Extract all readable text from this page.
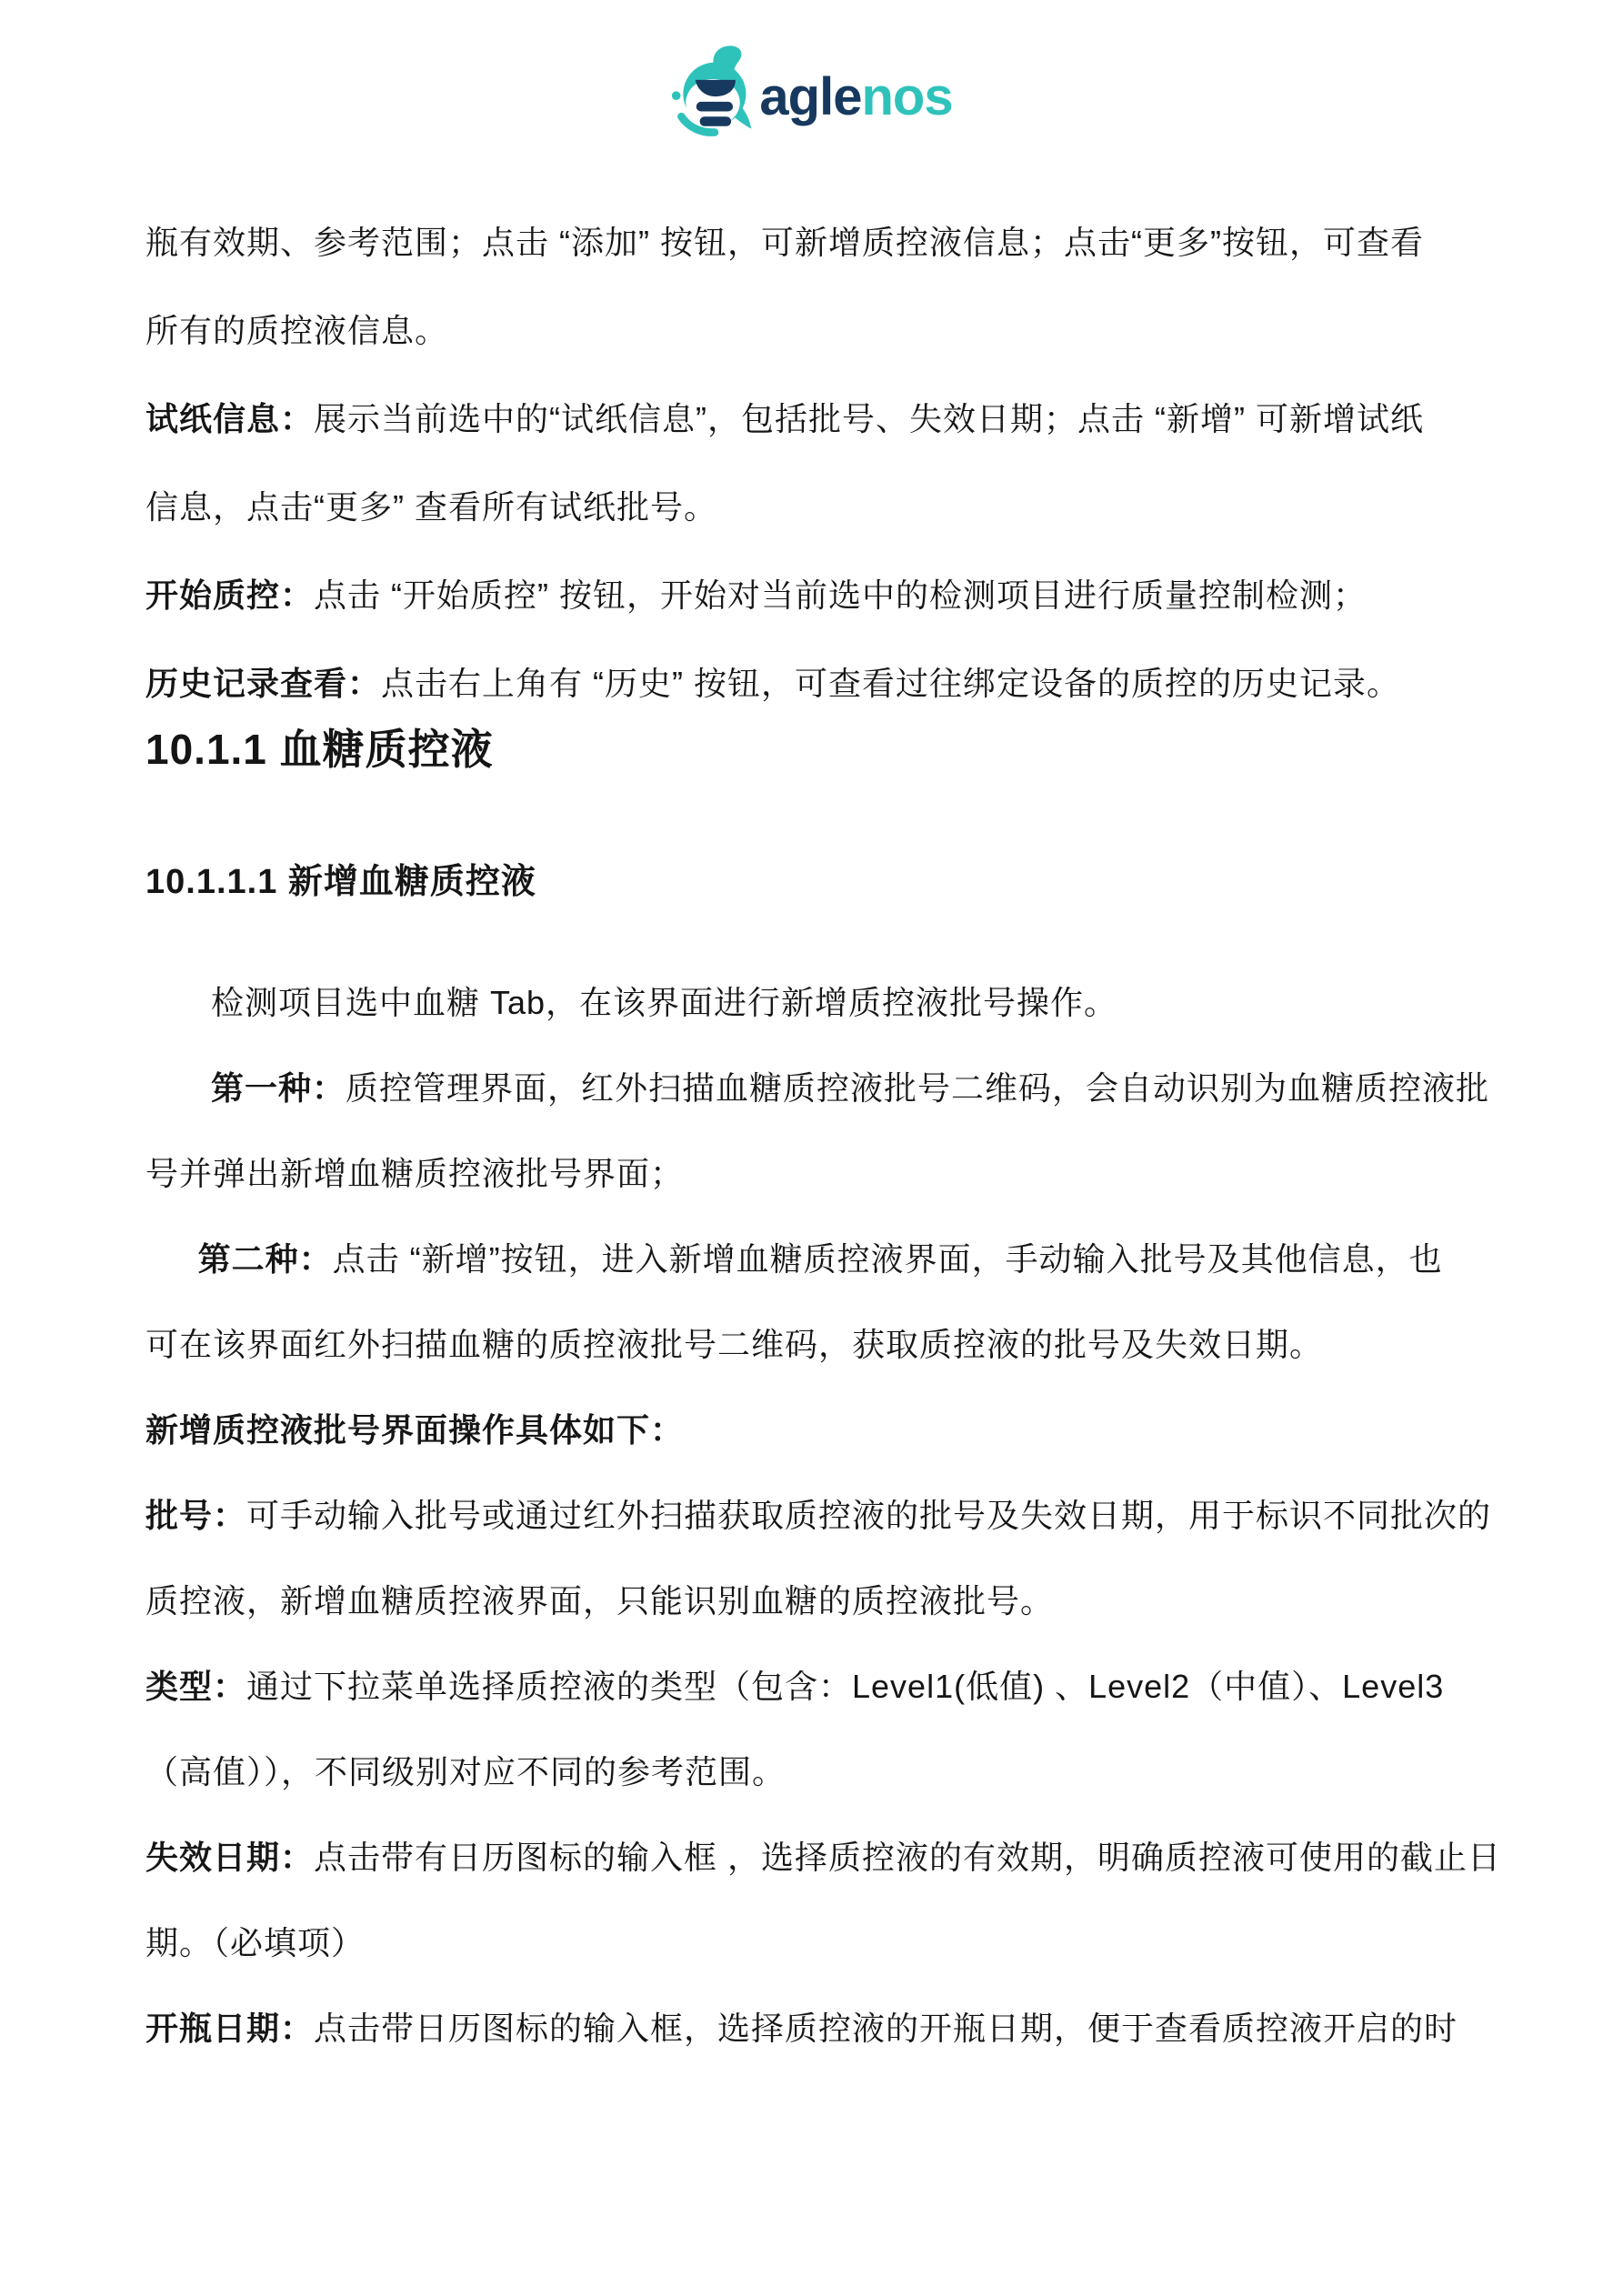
aglenos
瓶有效期、参考范围；点击 “添加” 按钮，可新增质控液信息；点击“更多”按钮，可查看
所有的质控液信息。
试纸信息： 展示当前选中的“试纸信息”，包括批号、失效日期；点击 “新增” 可新增试纸
信息，点击“更多” 查看所有试纸批号。
开始质控： 点击 “开始质控” 按钮，开始对当前选中的检测项目进行质量控制检测；
历史记录查看： 点击右上角有 “历史” 按钮，可查看过往绑定设备的质控的历史记录。
10.1.1 血糖质控液
10.1.1.1 新增血糖质控液
检测项目选中血糖 Tab，在该界面进行新增质控液批号操作。
第一种： 质控管理界面，红外扫描血糖质控液批号二维码，会自动识别为血糖质控液批
号并弹出新增血糖质控液批号界面；
第二种： 点击 “新增”按钮，进入新增血糖质控液界面，手动输入批号及其他信息，也
可在该界面红外扫描血糖的质控液批号二维码，获取质控液的批号及失效日期。
新增质控液批号界面操作具体如下：
批号： 可手动输入批号或通过红外扫描获取质控液的批号及失效日期，用于标识不同批次的
质控液，新增血糖质控液界面，只能识别血糖的质控液批号。
类型： 通过下拉菜单选择质控液的类型（包含：Level1(低值) 、Level2（中值）、Level3
（高值）），不同级别对应不同的参考范围。
失效日期： 点击带有日历图标的输入框 ，选择质控液的有效期，明确质控液可使用的截止日
期。（必填项）
开瓶日期： 点击带日历图标的输入框，选择质控液的开瓶日期，便于查看质控液开启的时
